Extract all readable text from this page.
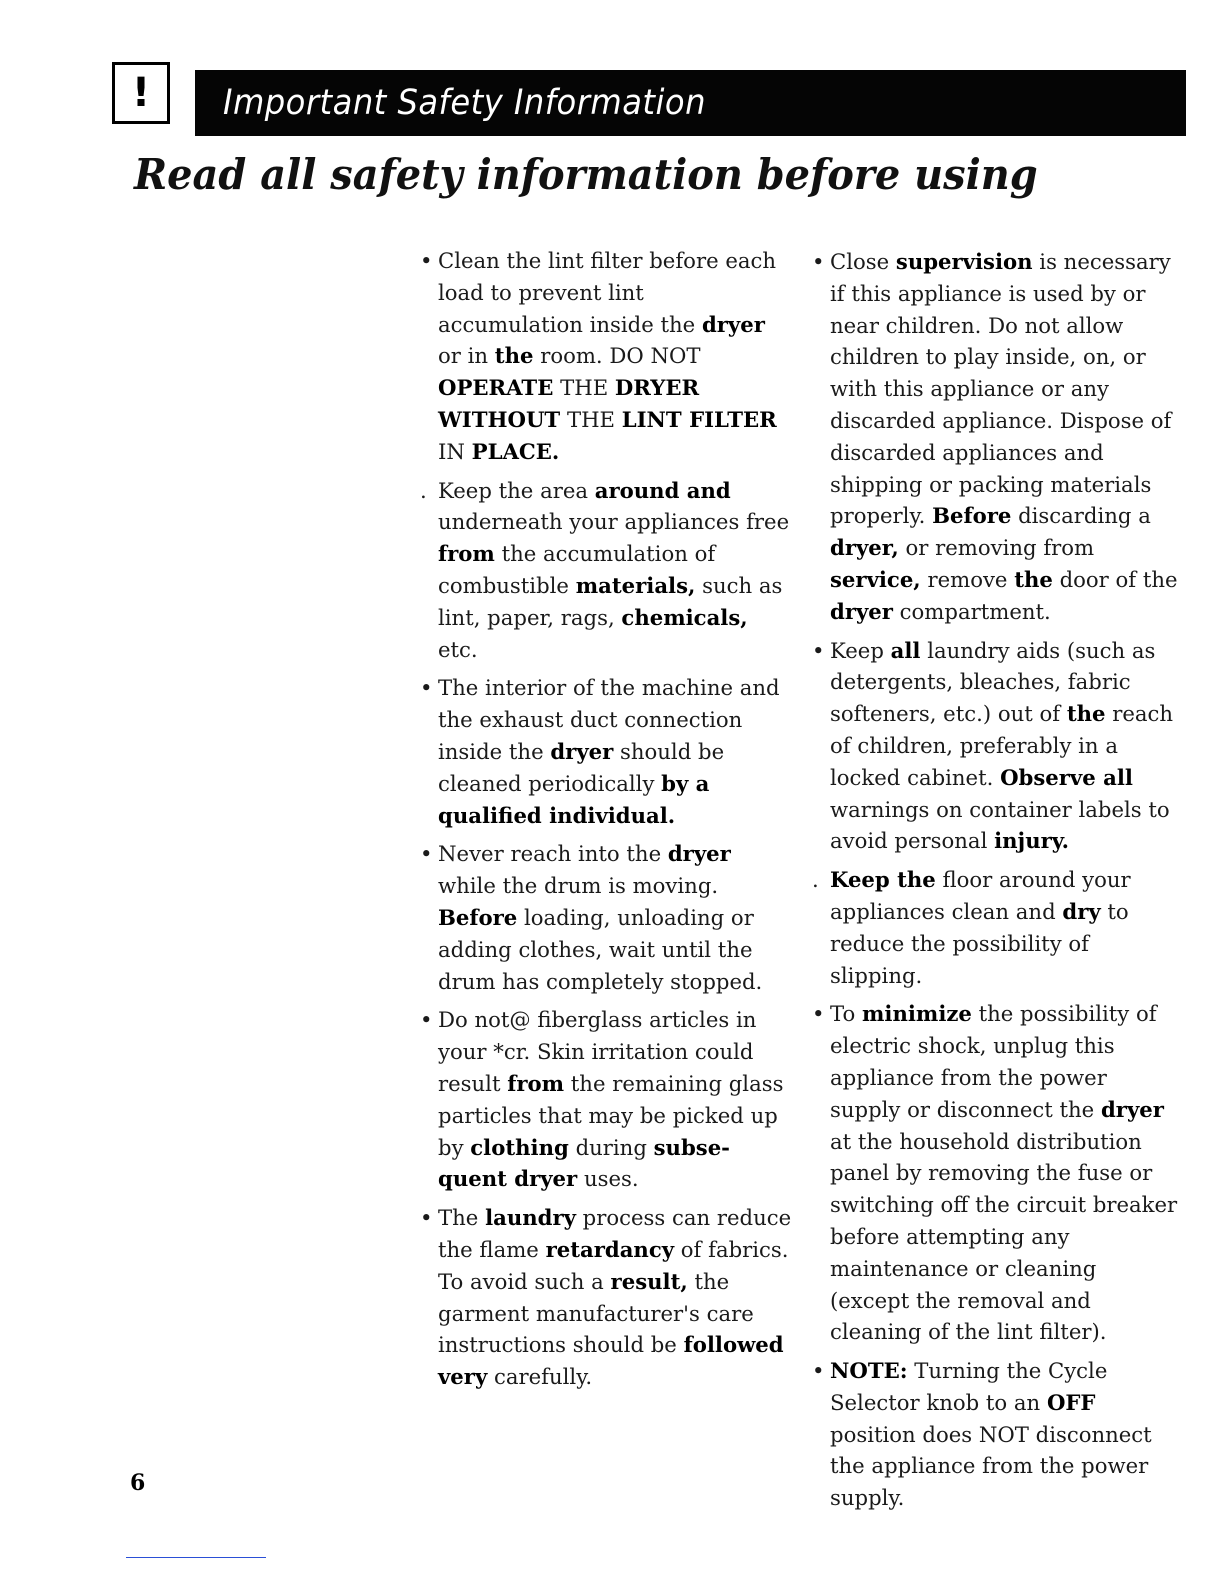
! Important Safety Information
Read all safety information before using
• Clean the lint filter before each load to prevent lint accumulation inside the dryer or in the room. DO NOT OPERATE THE DRYER WITHOUT THE LINT FILTER IN PLACE.
. Keep the area around and underneath your appliances free from the accumulation of combustible materials, such as lint, paper, rags, chemicals, etc.
• The interior of the machine and the exhaust duct connection inside the dryer should be cleaned periodically by a qualified individual.
• Never reach into the dryer while the drum is moving. Before loading, unloading or adding clothes, wait until the drum has completely stopped.
• Do not@ fiberglass articles in your *cr. Skin irritation could result from the remaining glass particles that may be picked up by clothing during subse-quent dryer uses.
• The laundry process can reduce the flame retardancy of fabrics. To avoid such a result, the garment manufacturer's care instructions should be followed very carefully.
• Close supervision is necessary if this appliance is used by or near children. Do not allow children to play inside, on, or with this appliance or any discarded appliance. Dispose of discarded appliances and shipping or packing materials properly. Before discarding a dryer, or removing from service, remove the door of the dryer compartment.
• Keep all laundry aids (such as detergents, bleaches, fabric softeners, etc.) out of the reach of children, preferably in a locked cabinet. Observe all warnings on container labels to avoid personal injury.
. Keep the floor around your appliances clean and dry to reduce the possibility of slipping.
• To minimize the possibility of electric shock, unplug this appliance from the power supply or disconnect the dryer at the household distribution panel by removing the fuse or switching off the circuit breaker before attempting any maintenance or cleaning (except the removal and cleaning of the lint filter).
• NOTE: Turning the Cycle Selector knob to an OFF position does NOT disconnect the appliance from the power supply.
6
